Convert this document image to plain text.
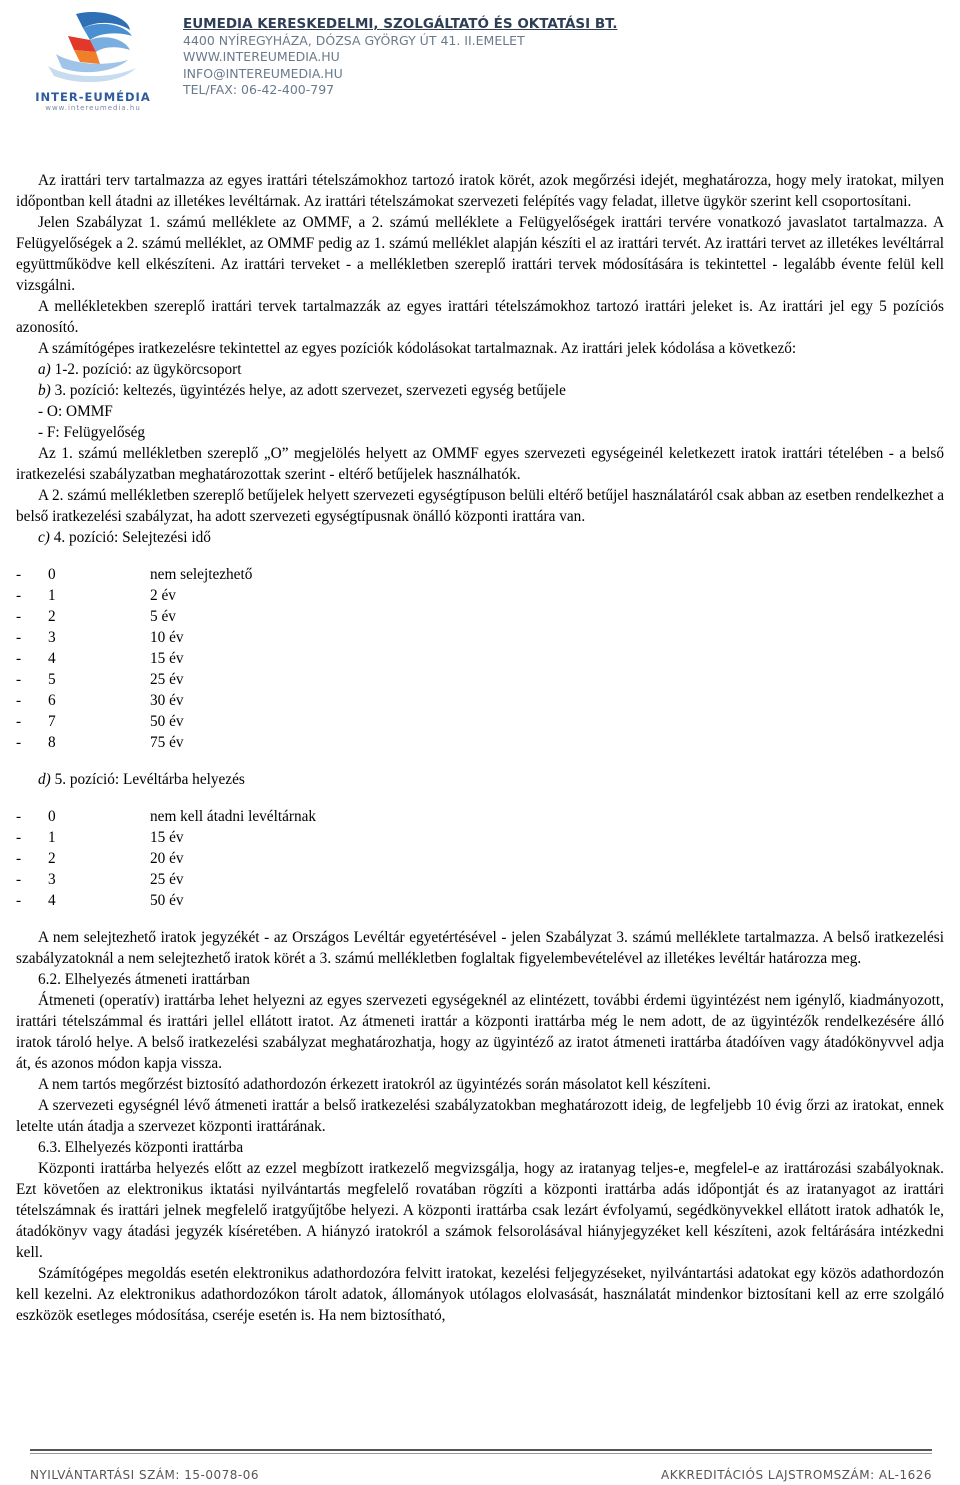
INTER-EUMÉDIA
www.intereumedia.hu
EUMEDIA KERESKEDELMI, SZOLGÁLTATÓ ÉS OKTATÁSI BT.
4400 NYÍREGYHÁZA, DÓZSA GYÖRGY ÚT 41. II.EMELET
WWW.INTEREUMEDIA.HU
INFO@INTEREUMEDIA.HU
TEL/FAX: 06-42-400-797

Az irattári terv tartalmazza az egyes irattári tételszámokhoz tartozó iratok körét, azok megőrzési idejét, meghatározza, hogy mely iratokat, milyen időpontban kell átadni az illetékes levéltárnak. Az irattári tételszámokat szervezeti felépítés vagy feladat, illetve ügykör szerint kell csoportosítani.

Jelen Szabályzat 1. számú melléklete az OMMF, a 2. számú melléklete a Felügyelőségek irattári tervére vonatkozó javaslatot tartalmazza. A Felügyelőségek a 2. számú melléklet, az OMMF pedig az 1. számú melléklet alapján készíti el az irattári tervét. Az irattári tervet az illetékes levéltárral együttműködve kell elkészíteni. Az irattári terveket - a mellékletben szereplő irattári tervek módosítására is tekintettel - legalább évente felül kell vizsgálni.

A mellékletekben szereplő irattári tervek tartalmazzák az egyes irattári tételszámokhoz tartozó irattári jeleket is. Az irattári jel egy 5 pozíciós azonosító.

A számítógépes iratkezelésre tekintettel az egyes pozíciók kódolásokat tartalmaznak. Az irattári jelek kódolása a következő:

a) 1-2. pozíció: az ügykörcsoport

b) 3. pozíció: keltezés, ügyintézés helye, az adott szervezet, szervezeti egység betűjele

- O: OMMF

- F: Felügyelőség

Az 1. számú mellékletben szereplő „O” megjelölés helyett az OMMF egyes szervezeti egységeinél keletkezett iratok irattári tételében - a belső iratkezelési szabályzatban meghatározottak szerint - eltérő betűjelek használhatók.

A 2. számú mellékletben szereplő betűjelek helyett szervezeti egységtípuson belüli eltérő betűjel használatáról csak abban az esetben rendelkezhet a belső iratkezelési szabályzat, ha adott szervezeti egységtípusnak önálló központi irattára van.

c) 4. pozíció: Selejtezési idő

- 0	nem selejtezhető
- 1	2 év
- 2	5 év
- 3	10 év
- 4	15 év
- 5	25 év
- 6	30 év
- 7	50 év
- 8	75 év

d) 5. pozíció: Levéltárba helyezés

- 0	nem kell átadni levéltárnak
- 1	15 év
- 2	20 év
- 3	25 év
- 4	50 év

A nem selejtezhető iratok jegyzékét - az Országos Levéltár egyetértésével - jelen Szabályzat 3. számú melléklete tartalmazza. A belső iratkezelési szabályzatoknál a nem selejtezhető iratok körét a 3. számú mellékletben foglaltak figyelembevételével az illetékes levéltár határozza meg.

6.2. Elhelyezés átmeneti irattárban

Átmeneti (operatív) irattárba lehet helyezni az egyes szervezeti egységeknél az elintézett, további érdemi ügyintézést nem igénylő, kiadmányozott, irattári tételszámmal és irattári jellel ellátott iratot. Az átmeneti irattár a központi irattárba még le nem adott, de az ügyintézők rendelkezésére álló iratok tároló helye. A belső iratkezelési szabályzat meghatározhatja, hogy az ügyintéző az iratot átmeneti irattárba átadóíven vagy átadókönyvvel adja át, és azonos módon kapja vissza.

A nem tartós megőrzést biztosító adathordozón érkezett iratokról az ügyintézés során másolatot kell készíteni.

A szervezeti egységnél lévő átmeneti irattár a belső iratkezelési szabályzatokban meghatározott ideig, de legfeljebb 10 évig őrzi az iratokat, ennek letelte után átadja a szervezet központi irattárának.

6.3. Elhelyezés központi irattárba

Központi irattárba helyezés előtt az ezzel megbízott iratkezelő megvizsgálja, hogy az iratanyag teljes-e, megfelel-e az irattározási szabályoknak. Ezt követően az elektronikus iktatási nyilvántartás megfelelő rovatában rögzíti a központi irattárba adás időpontját és az iratanyagot az irattári tételszámnak és irattári jelnek megfelelő iratgyűjtőbe helyezi. A központi irattárba csak lezárt évfolyamú, segédkönyvekkel ellátott iratok adhatók le, átadókönyv vagy átadási jegyzék kíséretében. A hiányzó iratokról a számok felsorolásával hiányjegyzéket kell készíteni, azok feltárására intézkedni kell.

Számítógépes megoldás esetén elektronikus adathordozóra felvitt iratokat, kezelési feljegyzéseket, nyilvántartási adatokat egy közös adathordozón kell kezelni. Az elektronikus adathordozókon tárolt adatok, állományok utólagos elolvasását, használatát mindenkor biztosítani kell az erre szolgáló eszközök esetleges módosítása, cseréje esetén is. Ha nem biztosítható,

NYILVÁNTARTÁSI SZÁM: 15-0078-06	AKKREDITÁCIÓS LAJSTROMSZÁM: AL-1626
